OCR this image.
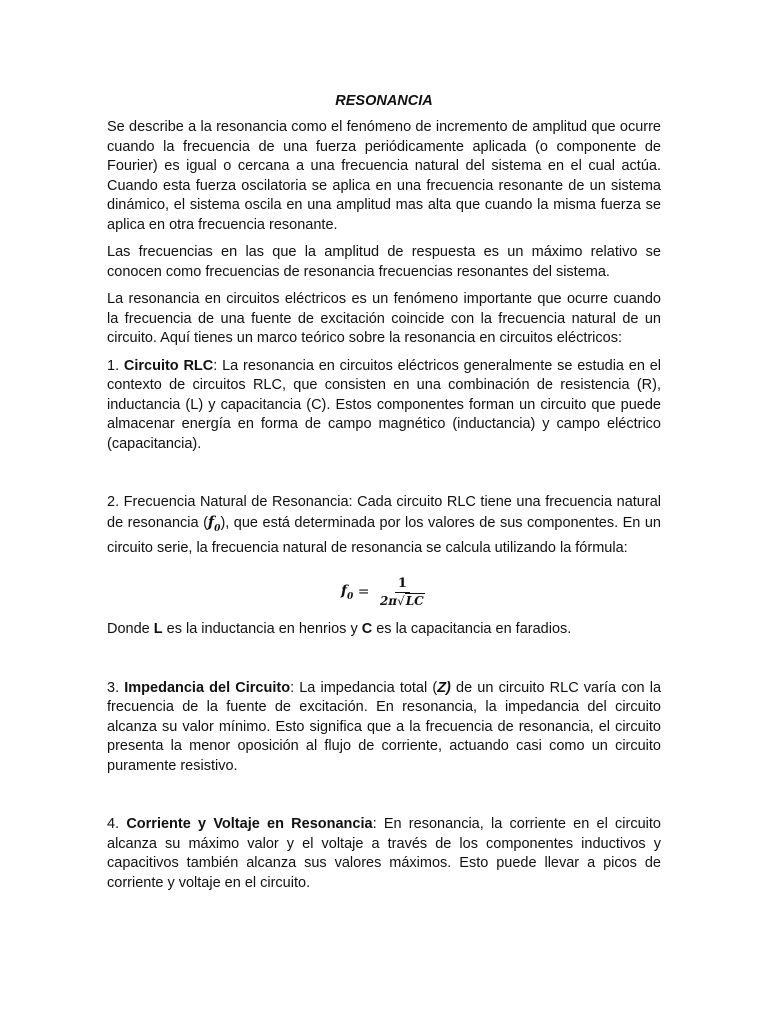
RESONANCIA

Se describe a la resonancia como el fenómeno de incremento de amplitud que ocurre cuando la frecuencia de una fuerza periódicamente aplicada (o componente de Fourier) es igual o cercana a una frecuencia natural del sistema en el cual actúa. Cuando esta fuerza oscilatoria se aplica en una frecuencia resonante de un sistema dinámico, el sistema oscila en una amplitud mas alta que cuando la misma fuerza se aplica en otra frecuencia resonante.

Las frecuencias en las que la amplitud de respuesta es un máximo relativo se conocen como frecuencias de resonancia frecuencias resonantes del sistema.

La resonancia en circuitos eléctricos es un fenómeno importante que ocurre cuando la frecuencia de una fuente de excitación coincide con la frecuencia natural de un circuito. Aquí tienes un marco teórico sobre la resonancia en circuitos eléctricos:

1. Circuito RLC: La resonancia en circuitos eléctricos generalmente se estudia en el contexto de circuitos RLC, que consisten en una combinación de resistencia (R), inductancia (L) y capacitancia (C). Estos componentes forman un circuito que puede almacenar energía en forma de campo magnético (inductancia) y campo eléctrico (capacitancia).

2. Frecuencia Natural de Resonancia: Cada circuito RLC tiene una frecuencia natural de resonancia $(f_0)$, que está determinada por los valores de sus componentes. En un circuito serie, la frecuencia natural de resonancia se calcula utilizando la fórmula:

$f_0 = \frac{1}{2\pi√LC}$

Donde L es la inductancia en henrios y C es la capacitancia en faradios.

3. Impedancia del Circuito: La impedancia total (Z) de un circuito RLC varía con la frecuencia de la fuente de excitación. En resonancia, la impedancia del circuito alcanza su valor mínimo. Esto significa que a la frecuencia de resonancia, el circuito presenta la menor oposición al flujo de corriente, actuando casi como un circuito puramente resistivo.

4. Corriente y Voltaje en Resonancia: En resonancia, la corriente en el circuito alcanza su máximo valor y el voltaje a través de los componentes inductivos y capacitivos también alcanza sus valores máximos. Esto puede llevar a picos de corriente y voltaje en el circuito.
